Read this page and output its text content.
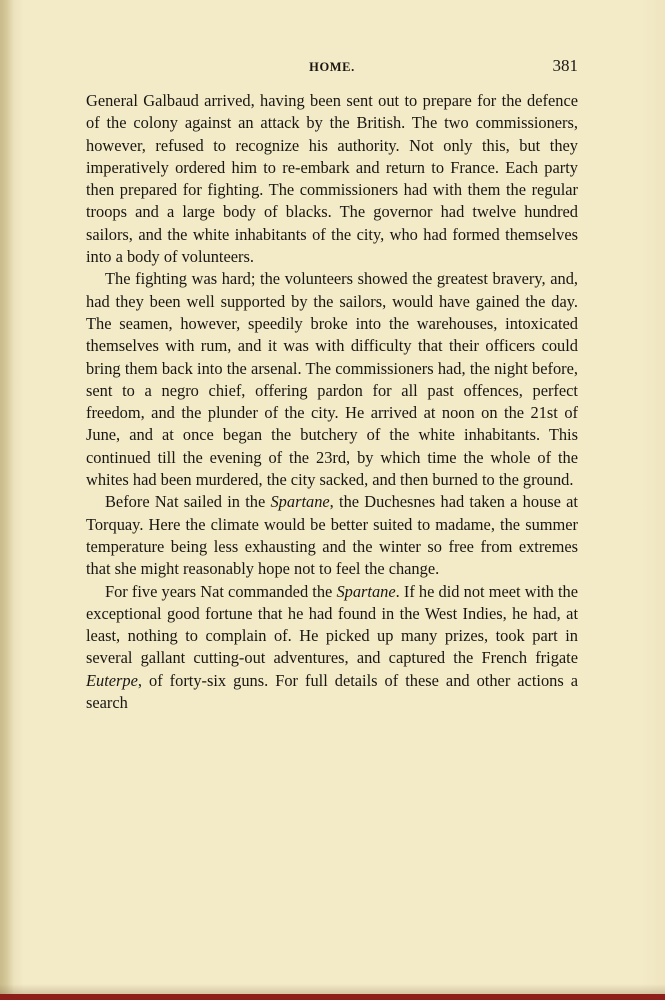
HOME.	381

General Galbaud arrived, having been sent out to prepare for the defence of the colony against an attack by the British. The two commissioners, however, refused to recognize his authority. Not only this, but they imperatively ordered him to re-embark and return to France. Each party then prepared for fighting. The commissioners had with them the regular troops and a large body of blacks. The governor had twelve hundred sailors, and the white inhabitants of the city, who had formed themselves into a body of volunteers.

The fighting was hard; the volunteers showed the greatest bravery, and, had they been well supported by the sailors, would have gained the day. The seamen, however, speedily broke into the warehouses, intoxicated themselves with rum, and it was with difficulty that their officers could bring them back into the arsenal. The commissioners had, the night before, sent to a negro chief, offering pardon for all past offences, perfect freedom, and the plunder of the city. He arrived at noon on the 21st of June, and at once began the butchery of the white inhabitants. This continued till the evening of the 23rd, by which time the whole of the whites had been murdered, the city sacked, and then burned to the ground.

Before Nat sailed in the Spartane, the Duchesnes had taken a house at Torquay. Here the climate would be better suited to madame, the summer temperature being less exhausting and the winter so free from extremes that she might reasonably hope not to feel the change.

For five years Nat commanded the Spartane. If he did not meet with the exceptional good fortune that he had found in the West Indies, he had, at least, nothing to complain of. He picked up many prizes, took part in several gallant cutting-out adventures, and captured the French frigate Euterpe, of forty-six guns. For full details of these and other actions a search
